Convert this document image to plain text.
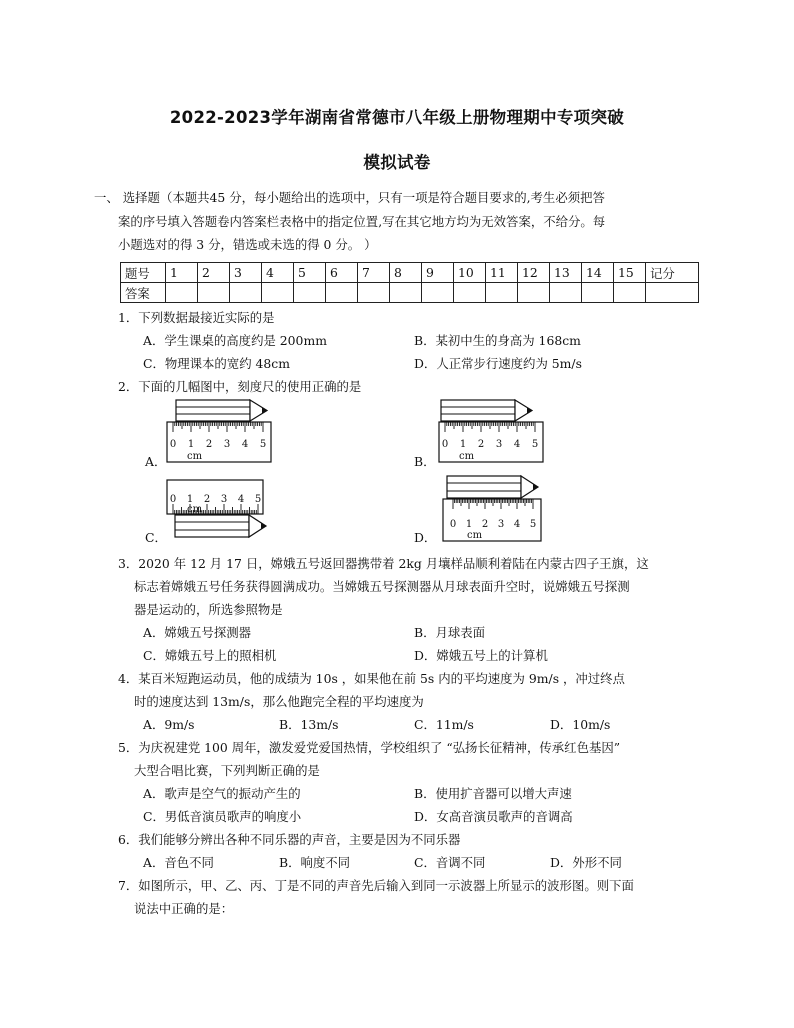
2022-2023学年湖南省常德市八年级上册物理期中专项突破
模拟试卷
一、 选择题（本题共45 分，每小题给出的选项中，只有一项是符合题目要求的,考生必须把答
案的序号填入答题卷内答案栏表格中的指定位置,写在其它地方均为无效答案，不给分。每
小题选对的得 3 分，错选或未选的得 0 分。 ）
题号	1	2	3	4	5	6	7	8	9	10	11	12	13	14	15	记分
答案																
1．下列数据最接近实际的是
A．学生课桌的高度约是 200mm	B．某初中生的身高为 168cm
C．物理课本的宽约 48cm	D．人正常步行速度约为 5m/s
2．下面的几幅图中，刻度尺的使用正确的是
A．
0 1 2 3 4 5
cm	B．
0 1 2 3 4 5
cm
C．
0 1 2 3 4 5
cm
D．
0 1 2 3 4 5
cm
3．2020 年 12 月 17 日，嫦娥五号返回器携带着 2kg 月壤样品顺利着陆在内蒙古四子王旗，这
标志着嫦娥五号任务获得圆满成功。当嫦娥五号探测器从月球表面升空时，说嫦娥五号探测
器是运动的，所选参照物是
A．嫦娥五号探测器	B．月球表面
C．嫦娥五号上的照相机	D．嫦娥五号上的计算机
4．某百米短跑运动员，他的成绩为 10s ，如果他在前 5s 内的平均速度为 9m/s ，冲过终点
时的速度达到 13m/s，那么他跑完全程的平均速度为
A．9m/s	B．13m/s	C．11m/s	D．10m/s
5．为庆祝建党 100 周年，激发爱党爱国热情，学校组织了 “弘扬长征精神，传承红色基因”
大型合唱比赛，下列判断正确的是
A．歌声是空气的振动产生的	B．使用扩音器可以增大声速
C．男低音演员歌声的响度小	D．女高音演员歌声的音调高
6．我们能够分辨出各种不同乐器的声音，主要是因为不同乐器
A．音色不同	B．响度不同	C．音调不同	D．外形不同
7．如图所示，甲、乙、丙、丁是不同的声音先后输入到同一示波器上所显示的波形图。则下面
说法中正确的是：
